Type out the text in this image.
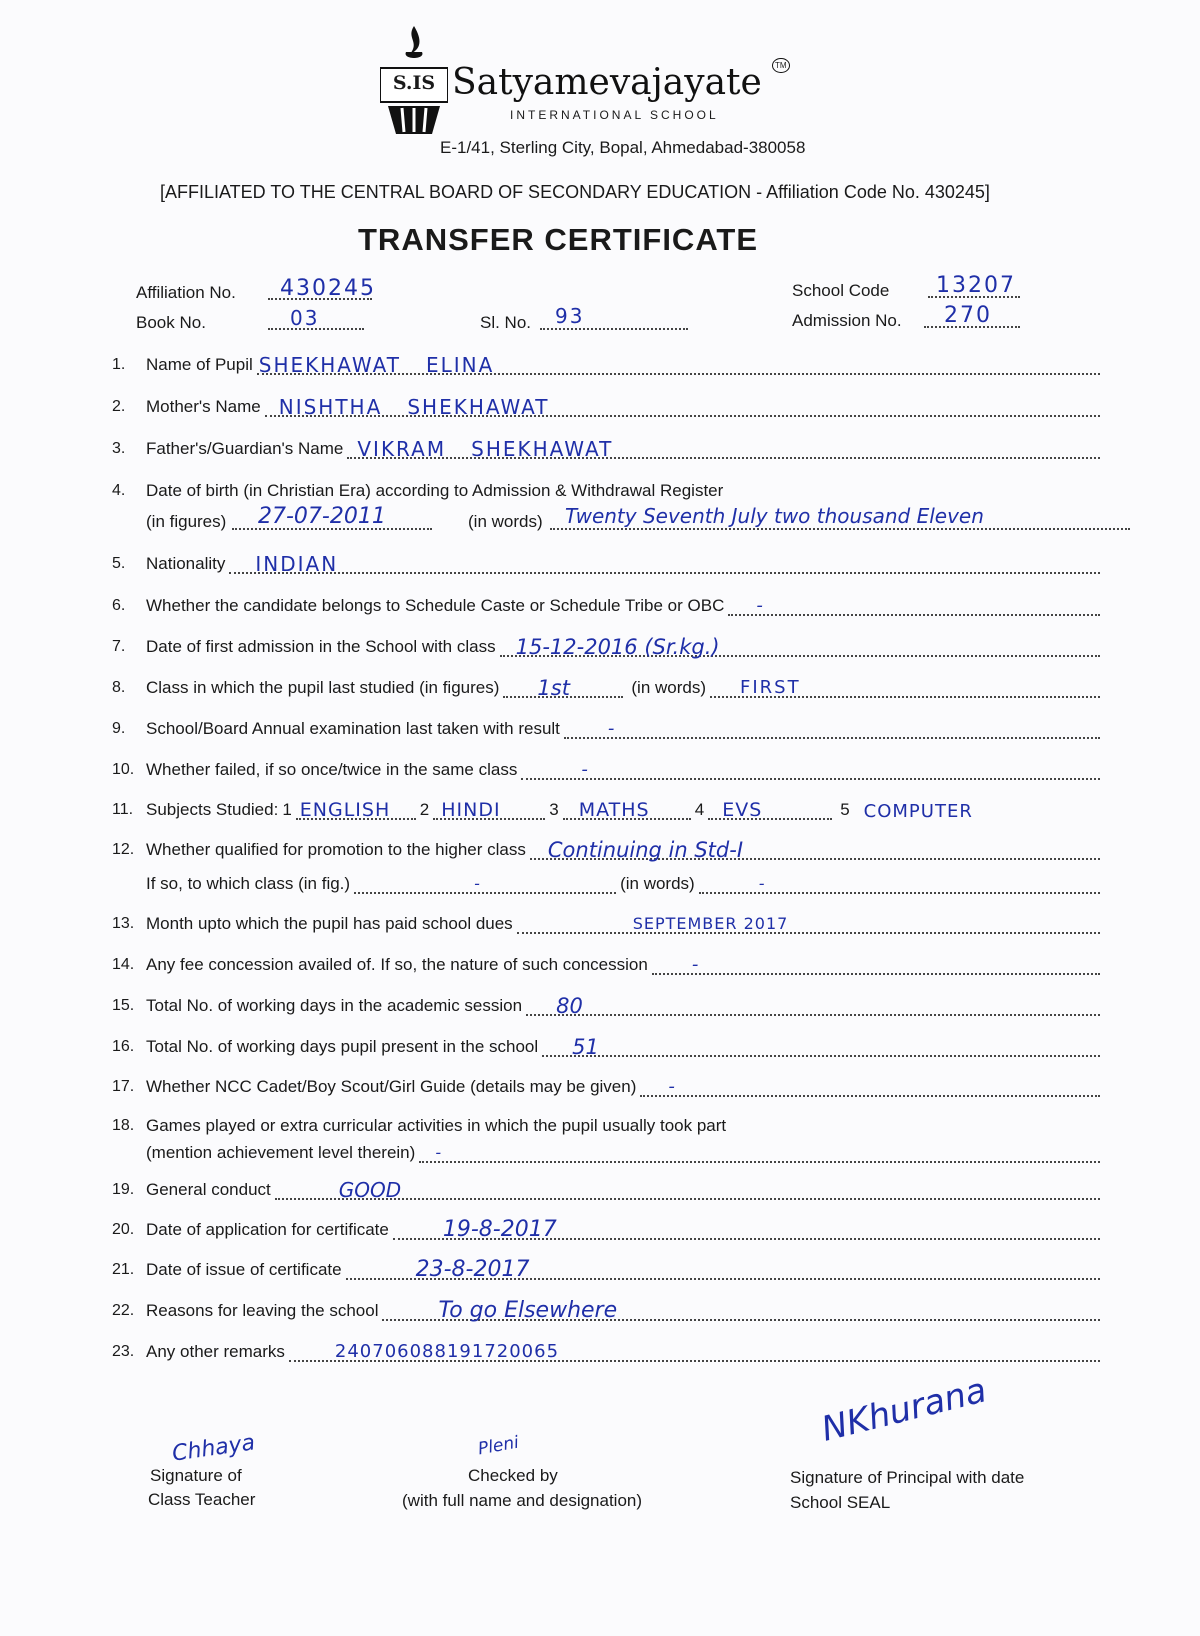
S.IS Satyamevajayate	TM
INTERNATIONAL SCHOOL
E-1/41, Sterling City, Bopal, Ahmedabad-380058
[AFFILIATED TO THE CENTRAL BOARD OF SECONDARY EDUCATION - Affiliation Code No. 430245]
TRANSFER CERTIFICATE
Affiliation No. 430245
Book No.	03	Sl. No. 93
School Code 13207
Admission No. 270
1.	Name of Pupil SHEKHAWAT   ELINA
2.	Mother's Name NISHTHA   SHEKHAWAT
3.	Father's/Guardian's Name VIKRAM   SHEKHAWAT
4.	Date of birth (in Christian Era) according to Admission & Withdrawal Register
(in figures) 27-07-2011	(in words) Twenty Seventh July two thousand Eleven
5.	Nationality INDIAN
6.	Whether the candidate belongs to Schedule Caste or Schedule Tribe or OBC -
7.	Date of first admission in the School with class 15-12-2016 (Sr.kg.)
8.	Class in which the pupil last studied (in figures) 1st	(in words) FIRST
9.	School/Board Annual examination last taken with result	-
10. Whether failed, if so once/twice in the same class	-
11. Subjects Studied: 1 ENGLISH 2 HINDI	3 MATHS	4 EVS	5 COMPUTER
12. Whether qualified for promotion to the higher class Continuing in Std-I
If so, to which class (in fig.)	-	(in words)	-
13. Month upto which the pupil has paid school dues	SEPTEMBER 2017
14. Any fee concession availed of. If so, the nature of such concession -
15. Total No. of working days in the academic session 80
16. Total No. of working days pupil present in the school 51
17. Whether NCC Cadet/Boy Scout/Girl Guide (details may be given) -
18. Games played or extra curricular activities in which the pupil usually took part
(mention achievement level therein) -
19. General conduct	GOOD
20. Date of application for certificate 19-8-2017
21. Date of issue of certificate	23-8-2017
22. Reasons for leaving the school	To go Elsewhere
23. Any other remarks	240706088191720065
Chhaya
Signature of
Class Teacher
Pleni
Checked by
(with full name and designation)
NKhurana
Signature of Principal with date
School SEAL
